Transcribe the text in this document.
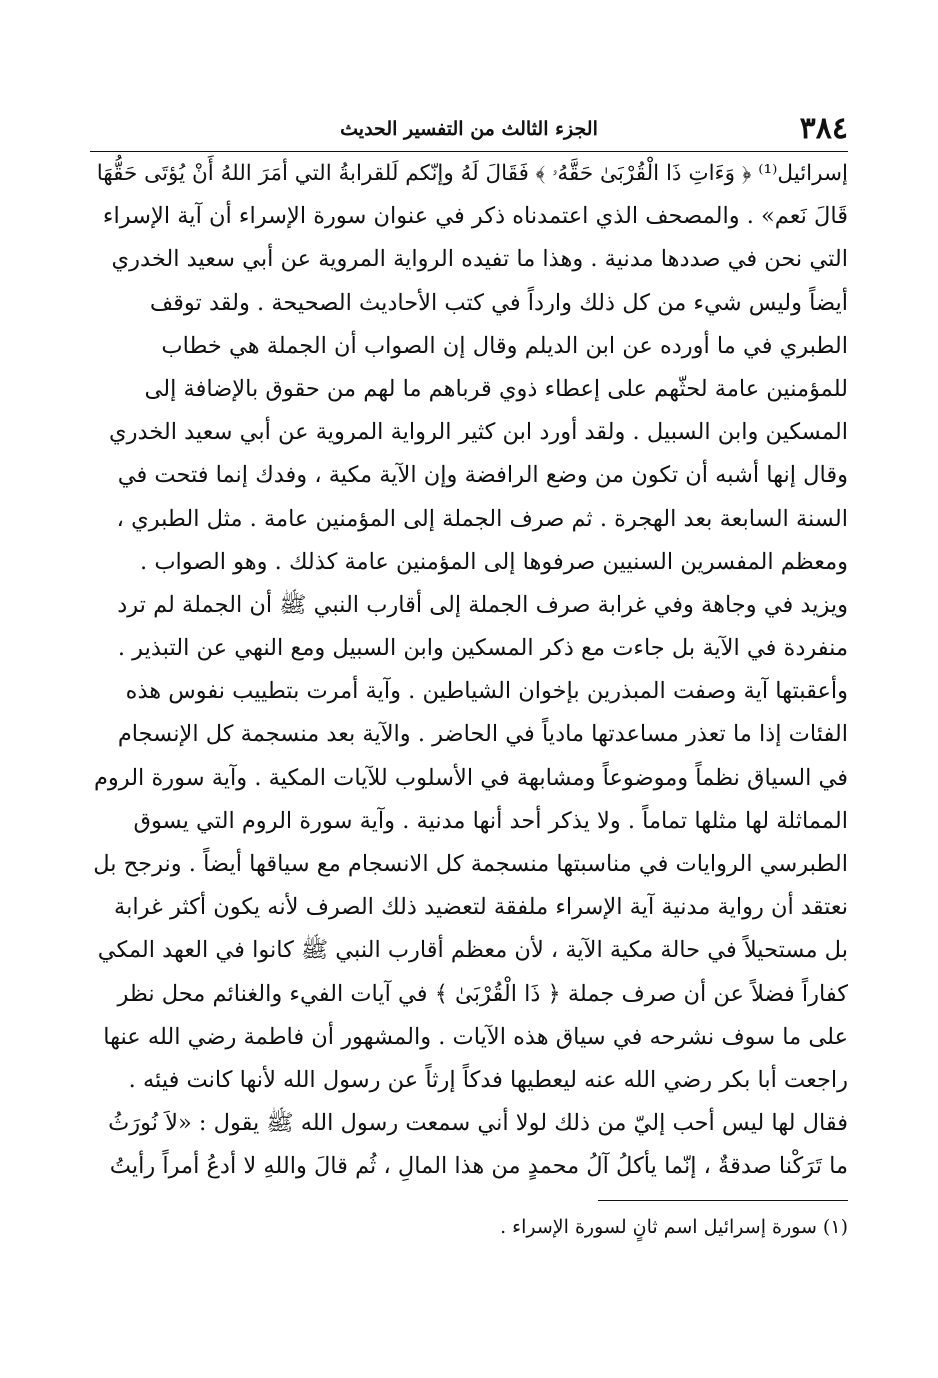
٣٨٤
الجزء الثالث من التفسير الحديث
إسرائيل⁽¹⁾ ﴿ وَءَاتِ ذَا الْقُرْبَىٰ حَقَّهُۥ ﴾ فَقَالَ لَهُ وإنّكم لَلقرابةُ التي أمَرَ اللهُ أَنْ يُؤتَى حَقُّهَا
قَالَ نَعم» . والمصحف الذي اعتمدناه ذكر في عنوان سورة الإسراء أن آية الإسراء
التي نحن في صددها مدنية . وهذا ما تفيده الرواية المروية عن أبي سعيد الخدري
أيضاً وليس شيء من كل ذلك وارداً في كتب الأحاديث الصحيحة . ولقد توقف
الطبري في ما أورده عن ابن الديلم وقال إن الصواب أن الجملة هي خطاب
للمؤمنين عامة لحثّهم على إعطاء ذوي قرباهم ما لهم من حقوق بالإضافة إلى
المسكين وابن السبيل . ولقد أورد ابن كثير الرواية المروية عن أبي سعيد الخدري
وقال إنها أشبه أن تكون من وضع الرافضة وإن الآية مكية ، وفدك إنما فتحت في
السنة السابعة بعد الهجرة . ثم صرف الجملة إلى المؤمنين عامة . مثل الطبري ،
ومعظم المفسرين السنيين صرفوها إلى المؤمنين عامة كذلك . وهو الصواب .
ويزيد في وجاهة وفي غرابة صرف الجملة إلى أقارب النبي ﷺ أن الجملة لم ترد
منفردة في الآية بل جاءت مع ذكر المسكين وابن السبيل ومع النهي عن التبذير .
وأعقبتها آية وصفت المبذرين بإخوان الشياطين . وآية أمرت بتطييب نفوس هذه
الفئات إذا ما تعذر مساعدتها مادياً في الحاضر . والآية بعد منسجمة كل الإنسجام
في السياق نظماً وموضوعاً ومشابهة في الأسلوب للآيات المكية . وآية سورة الروم
المماثلة لها مثلها تماماً . ولا يذكر أحد أنها مدنية . وآية سورة الروم التي يسوق
الطبرسي الروايات في مناسبتها منسجمة كل الانسجام مع سياقها أيضاً . ونرجح بل
نعتقد أن رواية مدنية آية الإسراء ملفقة لتعضيد ذلك الصرف لأنه يكون أكثر غرابة
بل مستحيلاً في حالة مكية الآية ، لأن معظم أقارب النبي ﷺ كانوا في العهد المكي
كفاراً فضلاً عن أن صرف جملة ﴿ ذَا الْقُرْبَىٰ ﴾ في آيات الفيء والغنائم محل نظر
على ما سوف نشرحه في سياق هذه الآيات . والمشهور أن فاطمة رضي الله عنها
راجعت أبا بكر رضي الله عنه ليعطيها فدكاً إرثاً عن رسول الله لأنها كانت فيئه .
فقال لها ليس أحب إليّ من ذلك لولا أني سمعت رسول الله ﷺ يقول : «لاَ نُورَثُ
ما تَرَكْنا صدقةٌ ، إنّما يأكلُ آلُ محمدٍ من هذا المالِ ، ثُم قالَ واللهِ لا أدعُ أمراً رأيتُ
(١) سورة إسرائيل اسم ثانٍ لسورة الإسراء .
